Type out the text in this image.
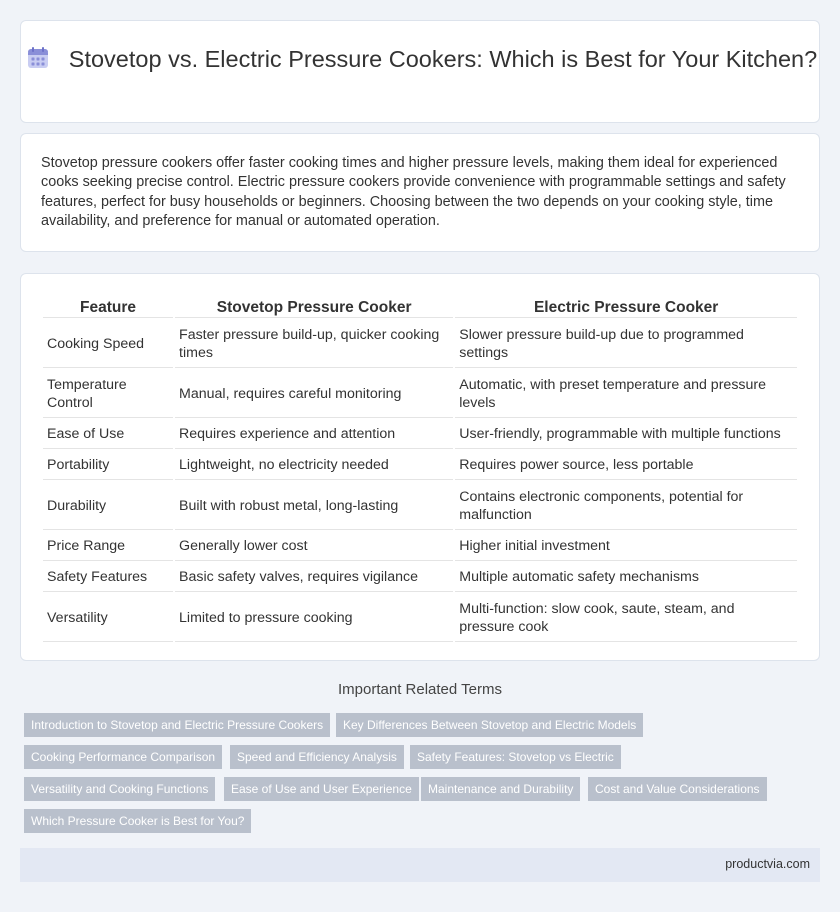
Stovetop vs. Electric Pressure Cookers: Which is Best for Your Kitchen?

Stovetop pressure cookers offer faster cooking times and higher pressure levels, making them ideal for experienced cooks seeking precise control. Electric pressure cookers provide convenience with programmable settings and safety features, perfect for busy households or beginners. Choosing between the two depends on your cooking style, time availability, and preference for manual or automated operation.

Feature	Stovetop Pressure Cooker	Electric Pressure Cooker
Cooking Speed	Faster pressure build-up, quicker cooking times	Slower pressure build-up due to programmed settings
Temperature Control	Manual, requires careful monitoring	Automatic, with preset temperature and pressure levels
Ease of Use	Requires experience and attention	User-friendly, programmable with multiple functions
Portability	Lightweight, no electricity needed	Requires power source, less portable
Durability	Built with robust metal, long-lasting	Contains electronic components, potential for malfunction
Price Range	Generally lower cost	Higher initial investment
Safety Features	Basic safety valves, requires vigilance	Multiple automatic safety mechanisms
Versatility	Limited to pressure cooking	Multi-function: slow cook, saute, steam, and pressure cook
Important Related Terms
Introduction to Stovetop and Electric Pressure Cookers	Key Differences Between Stovetop and Electric Models
Cooking Performance Comparison	Speed and Efficiency Analysis	Safety Features: Stovetop vs Electric
Versatility and Cooking Functions	Ease of Use and User Experience	Maintenance and Durability	Cost and Value Considerations
Which Pressure Cooker is Best for You?
productvia.com
